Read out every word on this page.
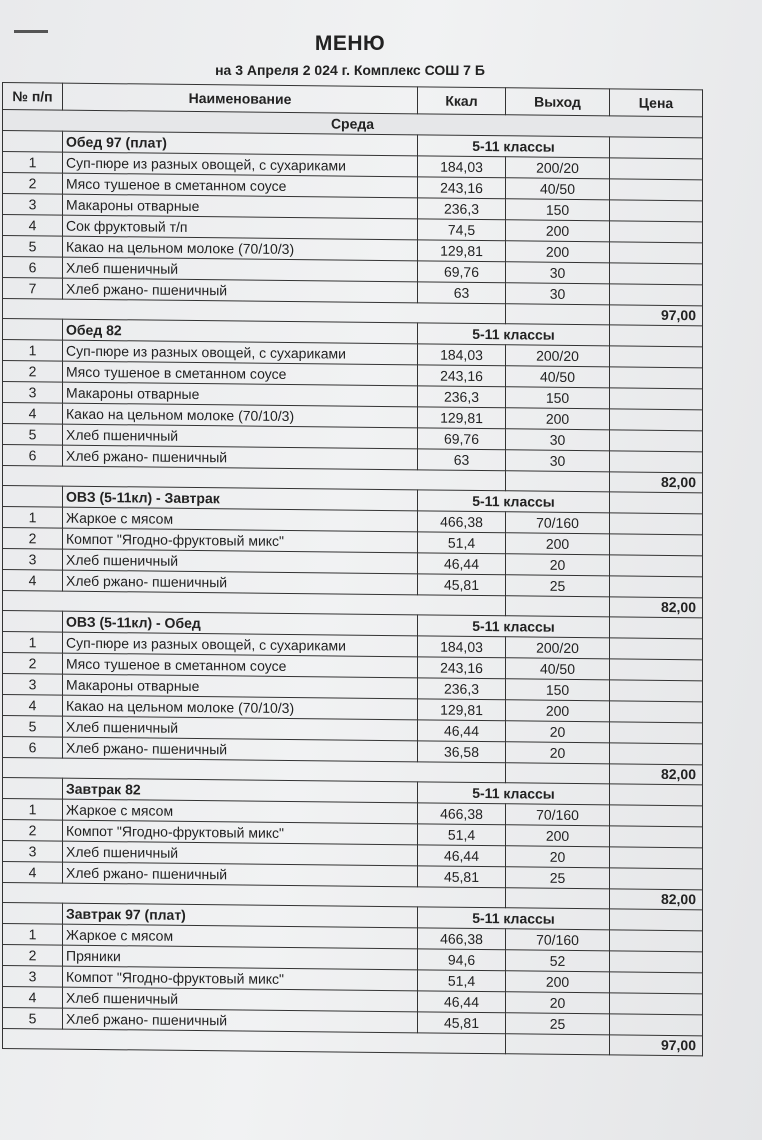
МЕНЮ
на 3 Апреля 2 024 г. Комплекс СОШ 7 Б
№ п/п	Наименование	Ккал	Выход	Цена
Среда				
	Обед 97 (плат)	5-11 классы		
1	Суп-пюре из разных овощей, с сухариками	184,03	200/20	
2	Мясо тушеное в сметанном соусе	243,16	40/50	
3	Макароны отварные	236,3	150	
4	Сок фруктовый т/п	74,5	200	
5	Какао на цельном молоке (70/10/3)	129,81	200	
6	Хлеб пшеничный	69,76	30	
7	Хлеб ржано- пшеничный	63	30	
				97,00
	Обед 82	5-11 классы		
1	Суп-пюре из разных овощей, с сухариками	184,03	200/20	
2	Мясо тушеное в сметанном соусе	243,16	40/50	
3	Макароны отварные	236,3	150	
4	Какао на цельном молоке (70/10/3)	129,81	200	
5	Хлеб пшеничный	69,76	30	
6	Хлеб ржано- пшеничный	63	30	
				82,00
	ОВЗ (5-11кл) - Завтрак	5-11 классы		
1	Жаркое с мясом	466,38	70/160	
2	Компот "Ягодно-фруктовый микс"	51,4	200	
3	Хлеб пшеничный	46,44	20	
4	Хлеб ржано- пшеничный	45,81	25	
				82,00
	ОВЗ (5-11кл) - Обед	5-11 классы		
1	Суп-пюре из разных овощей, с сухариками	184,03	200/20	
2	Мясо тушеное в сметанном соусе	243,16	40/50	
3	Макароны отварные	236,3	150	
4	Какао на цельном молоке (70/10/3)	129,81	200	
5	Хлеб пшеничный	46,44	20	
6	Хлеб ржано- пшеничный	36,58	20	
				82,00
	Завтрак 82	5-11 классы		
1	Жаркое с мясом	466,38	70/160	
2	Компот "Ягодно-фруктовый микс"	51,4	200	
3	Хлеб пшеничный	46,44	20	
4	Хлеб ржано- пшеничный	45,81	25	
				82,00
	Завтрак 97 (плат)	5-11 классы		
1	Жаркое с мясом	466,38	70/160	
2	Пряники	94,6	52	
3	Компот "Ягодно-фруктовый микс"	51,4	200	
4	Хлеб пшеничный	46,44	20	
5	Хлеб ржано- пшеничный	45,81	25	
				97,00
